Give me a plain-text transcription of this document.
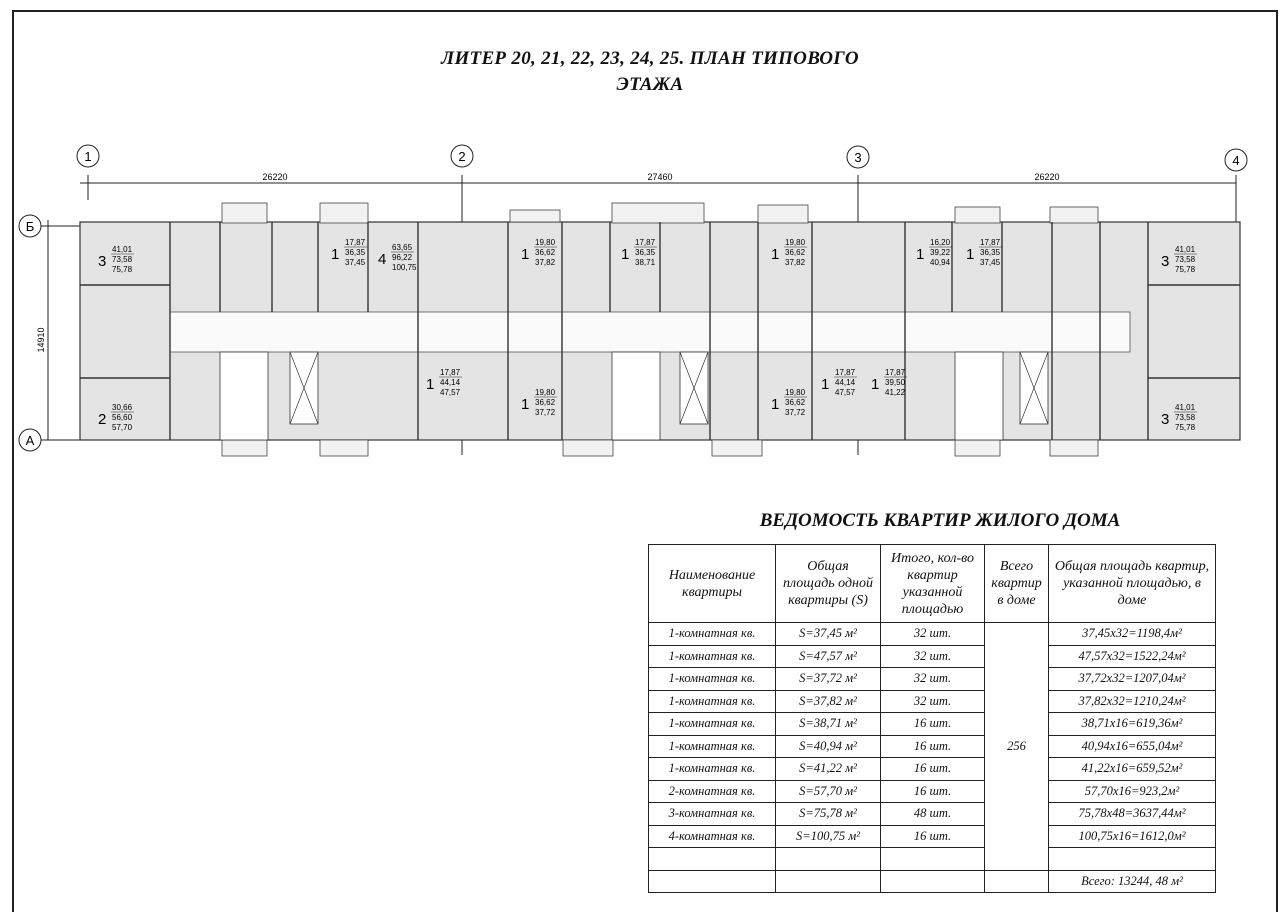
ЛИТЕР 20, 21, 22, 23, 24, 25. ПЛАН ТИПОВОГО
ЭТАЖА
26220	27460	26220
1	2	3	4
Б
А
14910
3
41,01
73,58
75,78
1
17,87
36,35
37,45 4
63,65
96,22
100,75
1
19,80
36,62
37,82	1
17,87
36,35
38,71	1
19,80
36,62
37,82	1
16,20
39,22
40,94 1
17,87
36,35
37,45	3
41,01
73,58
75,78
2
30,66
56,60
57,70
1
17,87
44,14
47,57
1
19,80
36,62
37,72	1
19,80
36,62
37,72
1
17,87
44,14
47,57 1
17,87
39,50
41,22
3
41,01
73,58
75,78
ВЕДОМОСТЬ КВАРТИР ЖИЛОГО ДОМА
Наименование квартиры	Общая площадь одной квартиры (S)	Итого, кол-во квартир указанной площадью	Всего квартир в доме	Общая площадь квартир, указанной площадью, в доме
1-комнатная кв.	S=37,45 м²	32 шт.	256	37,45х32=1198,4м²
1-комнатная кв.	S=47,57 м²	32 шт.		47,57х32=1522,24м²
1-комнатная кв.	S=37,72 м²	32 шт.		37,72х32=1207,04м²
1-комнатная кв.	S=37,82 м²	32 шт.		37,82х32=1210,24м²
1-комнатная кв.	S=38,71 м²	16 шт.		38,71х16=619,36м²
1-комнатная кв.	S=40,94 м²	16 шт.		40,94х16=655,04м²
1-комнатная кв.	S=41,22 м²	16 шт.		41,22х16=659,52м²
2-комнатная кв.	S=57,70 м²	16 шт.		57,70х16=923,2м²
3-комнатная кв.	S=75,78 м²	48 шт.		75,78х48=3637,44м²
4-комнатная кв.	S=100,75 м²	16 шт.		100,75х16=1612,0м²

				Всего: 13244, 48 м²
